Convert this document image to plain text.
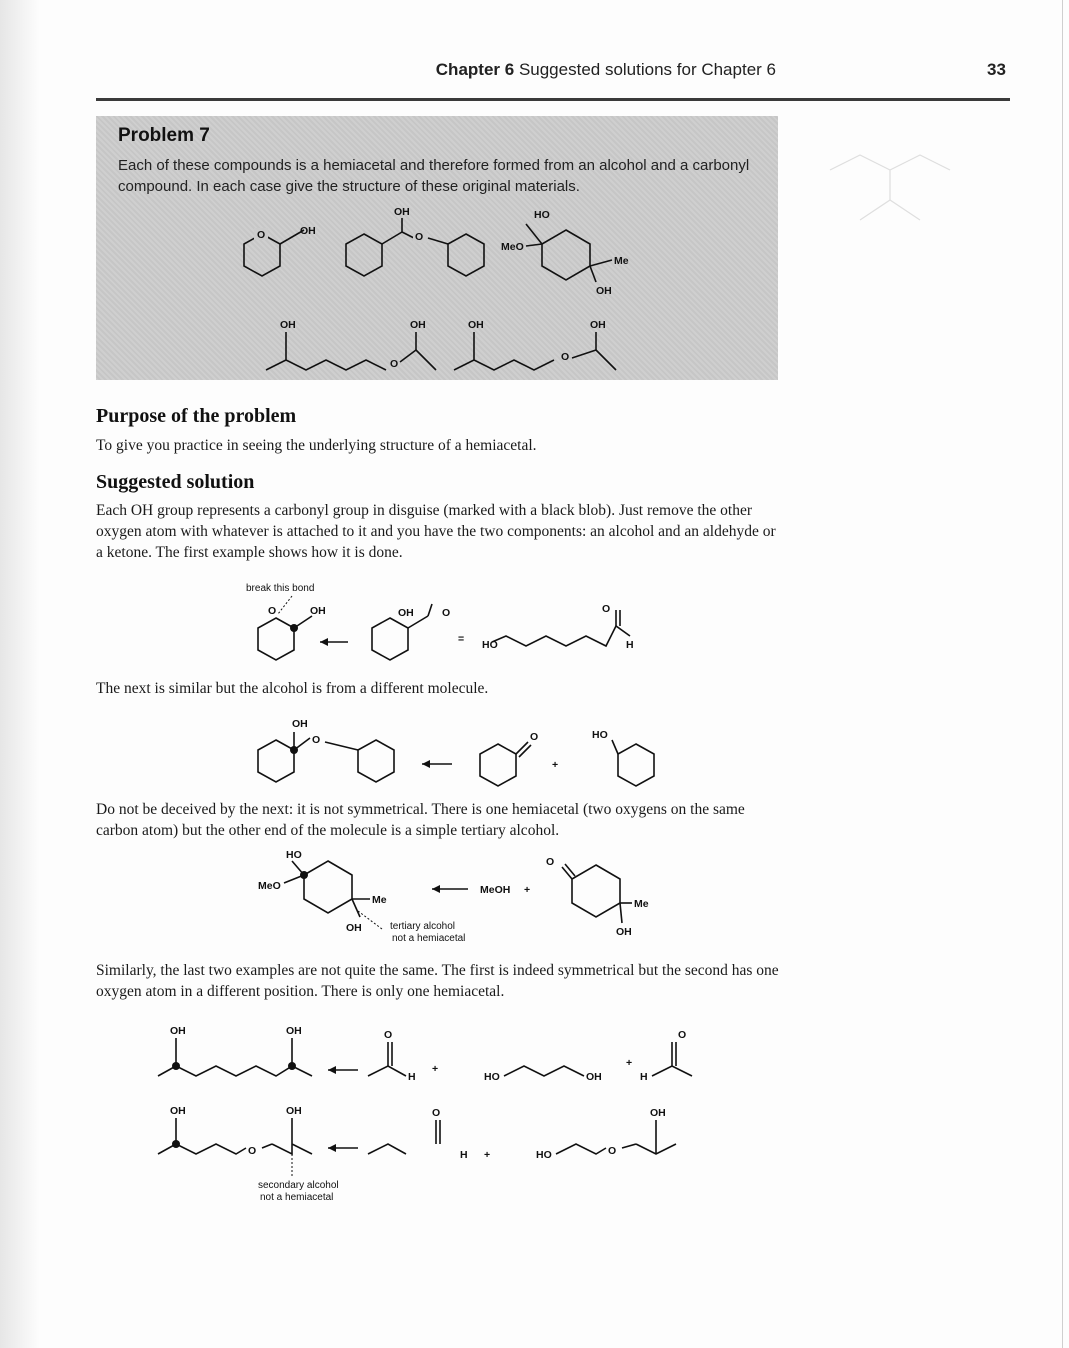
Chapter 6 Suggested solutions for Chapter 6	33
Problem 7
Each of these compounds is a hemiacetal and therefore formed from an alcohol and a carbonyl compound. In each case give the structure of these original materials.
O	OH
OH
O
HO
MeO
Me
OH
OH
O
OH	OH
O
OH
Purpose of the problem
To give you practice in seeing the underlying structure of a hemiacetal.
Suggested solution
Each OH group represents a carbonyl group in disguise (marked with a black blob). Just remove the other oxygen atom with whatever is attached to it and you have the two components: an alcohol and an aldehyde or a ketone. The first example shows how it is done.
break this bond
O	OH	OH	O
= HO
O
H
The next is similar but the alcohol is from a different molecule.
OH
O	O
+
HO
Do not be deceived by the next: it is not symmetrical. There is one hemiacetal (two oxygens on the same carbon atom) but the other end of the molecule is a simple tertiary alcohol.
HO
MeO
Me
OH	tertiary alcohol
not a hemiacetal
MeOH +
O
Me
OH
Similarly, the last two examples are not quite the same. The first is indeed symmetrical but the second has one oxygen atom in a different position. There is only one hemiacetal.
OH	OH	O
H
+
HO	OH
+
O
H
OH
O
OH	O
H +	HO	O
OH
secondary alcohol
not a hemiacetal
